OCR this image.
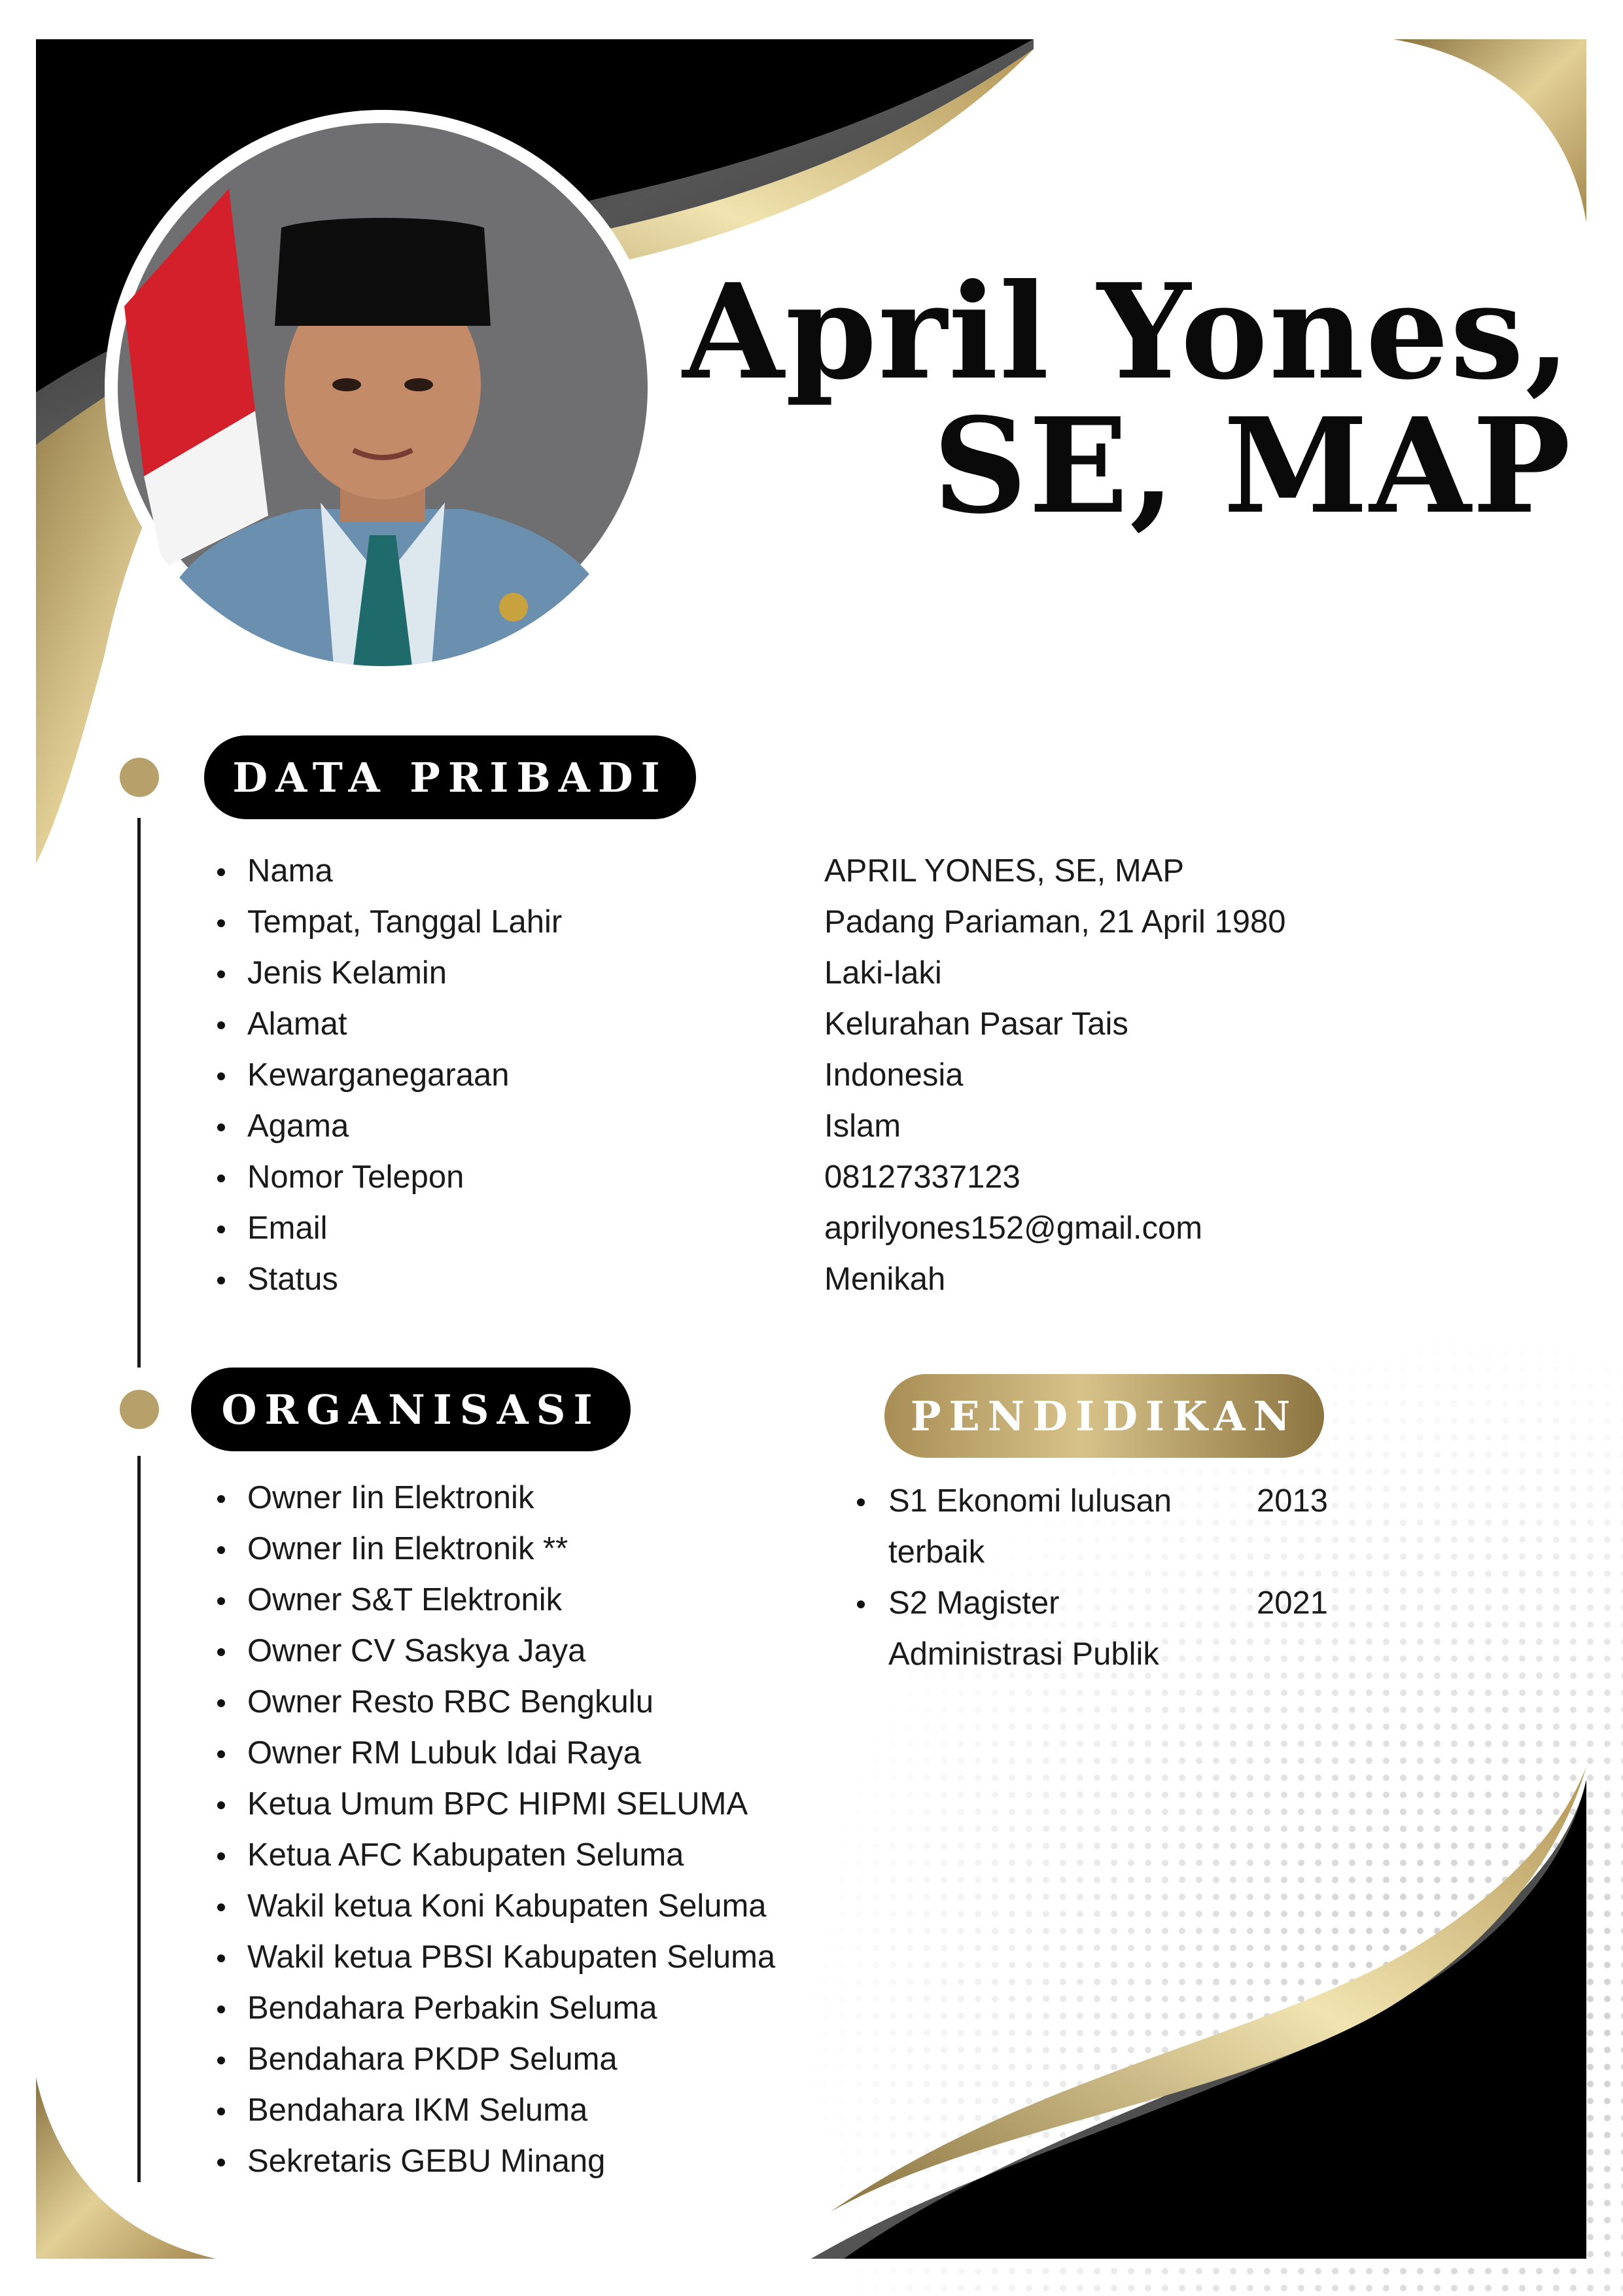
April Yones,
SE, MAP
DATA PRIBADI
ORGANISASI	PENDIDIKAN
Nama
Tempat, Tanggal Lahir
Jenis Kelamin
Alamat
Kewarganegaraan
Agama
Nomor Telepon
Email
Status
APRIL YONES, SE, MAP
Padang Pariaman, 21 April 1980
Laki-laki
Kelurahan Pasar Tais
Indonesia
Islam
08127337123
aprilyones152@gmail.com
Menikah
Owner Iin Elektronik
Owner Iin Elektronik **
Owner S&T Elektronik
Owner CV Saskya Jaya
Owner Resto RBC Bengkulu
Owner RM Lubuk Idai Raya
Ketua Umum BPC HIPMI SELUMA
Ketua AFC Kabupaten Seluma
Wakil ketua Koni Kabupaten Seluma
Wakil ketua PBSI Kabupaten Seluma
Bendahara Perbakin Seluma
Bendahara PKDP Seluma
Bendahara IKM Seluma
Sekretaris GEBU Minang
S1 Ekonomi lulusan terbaik
2013
S2 Magister Administrasi Publik
2021
